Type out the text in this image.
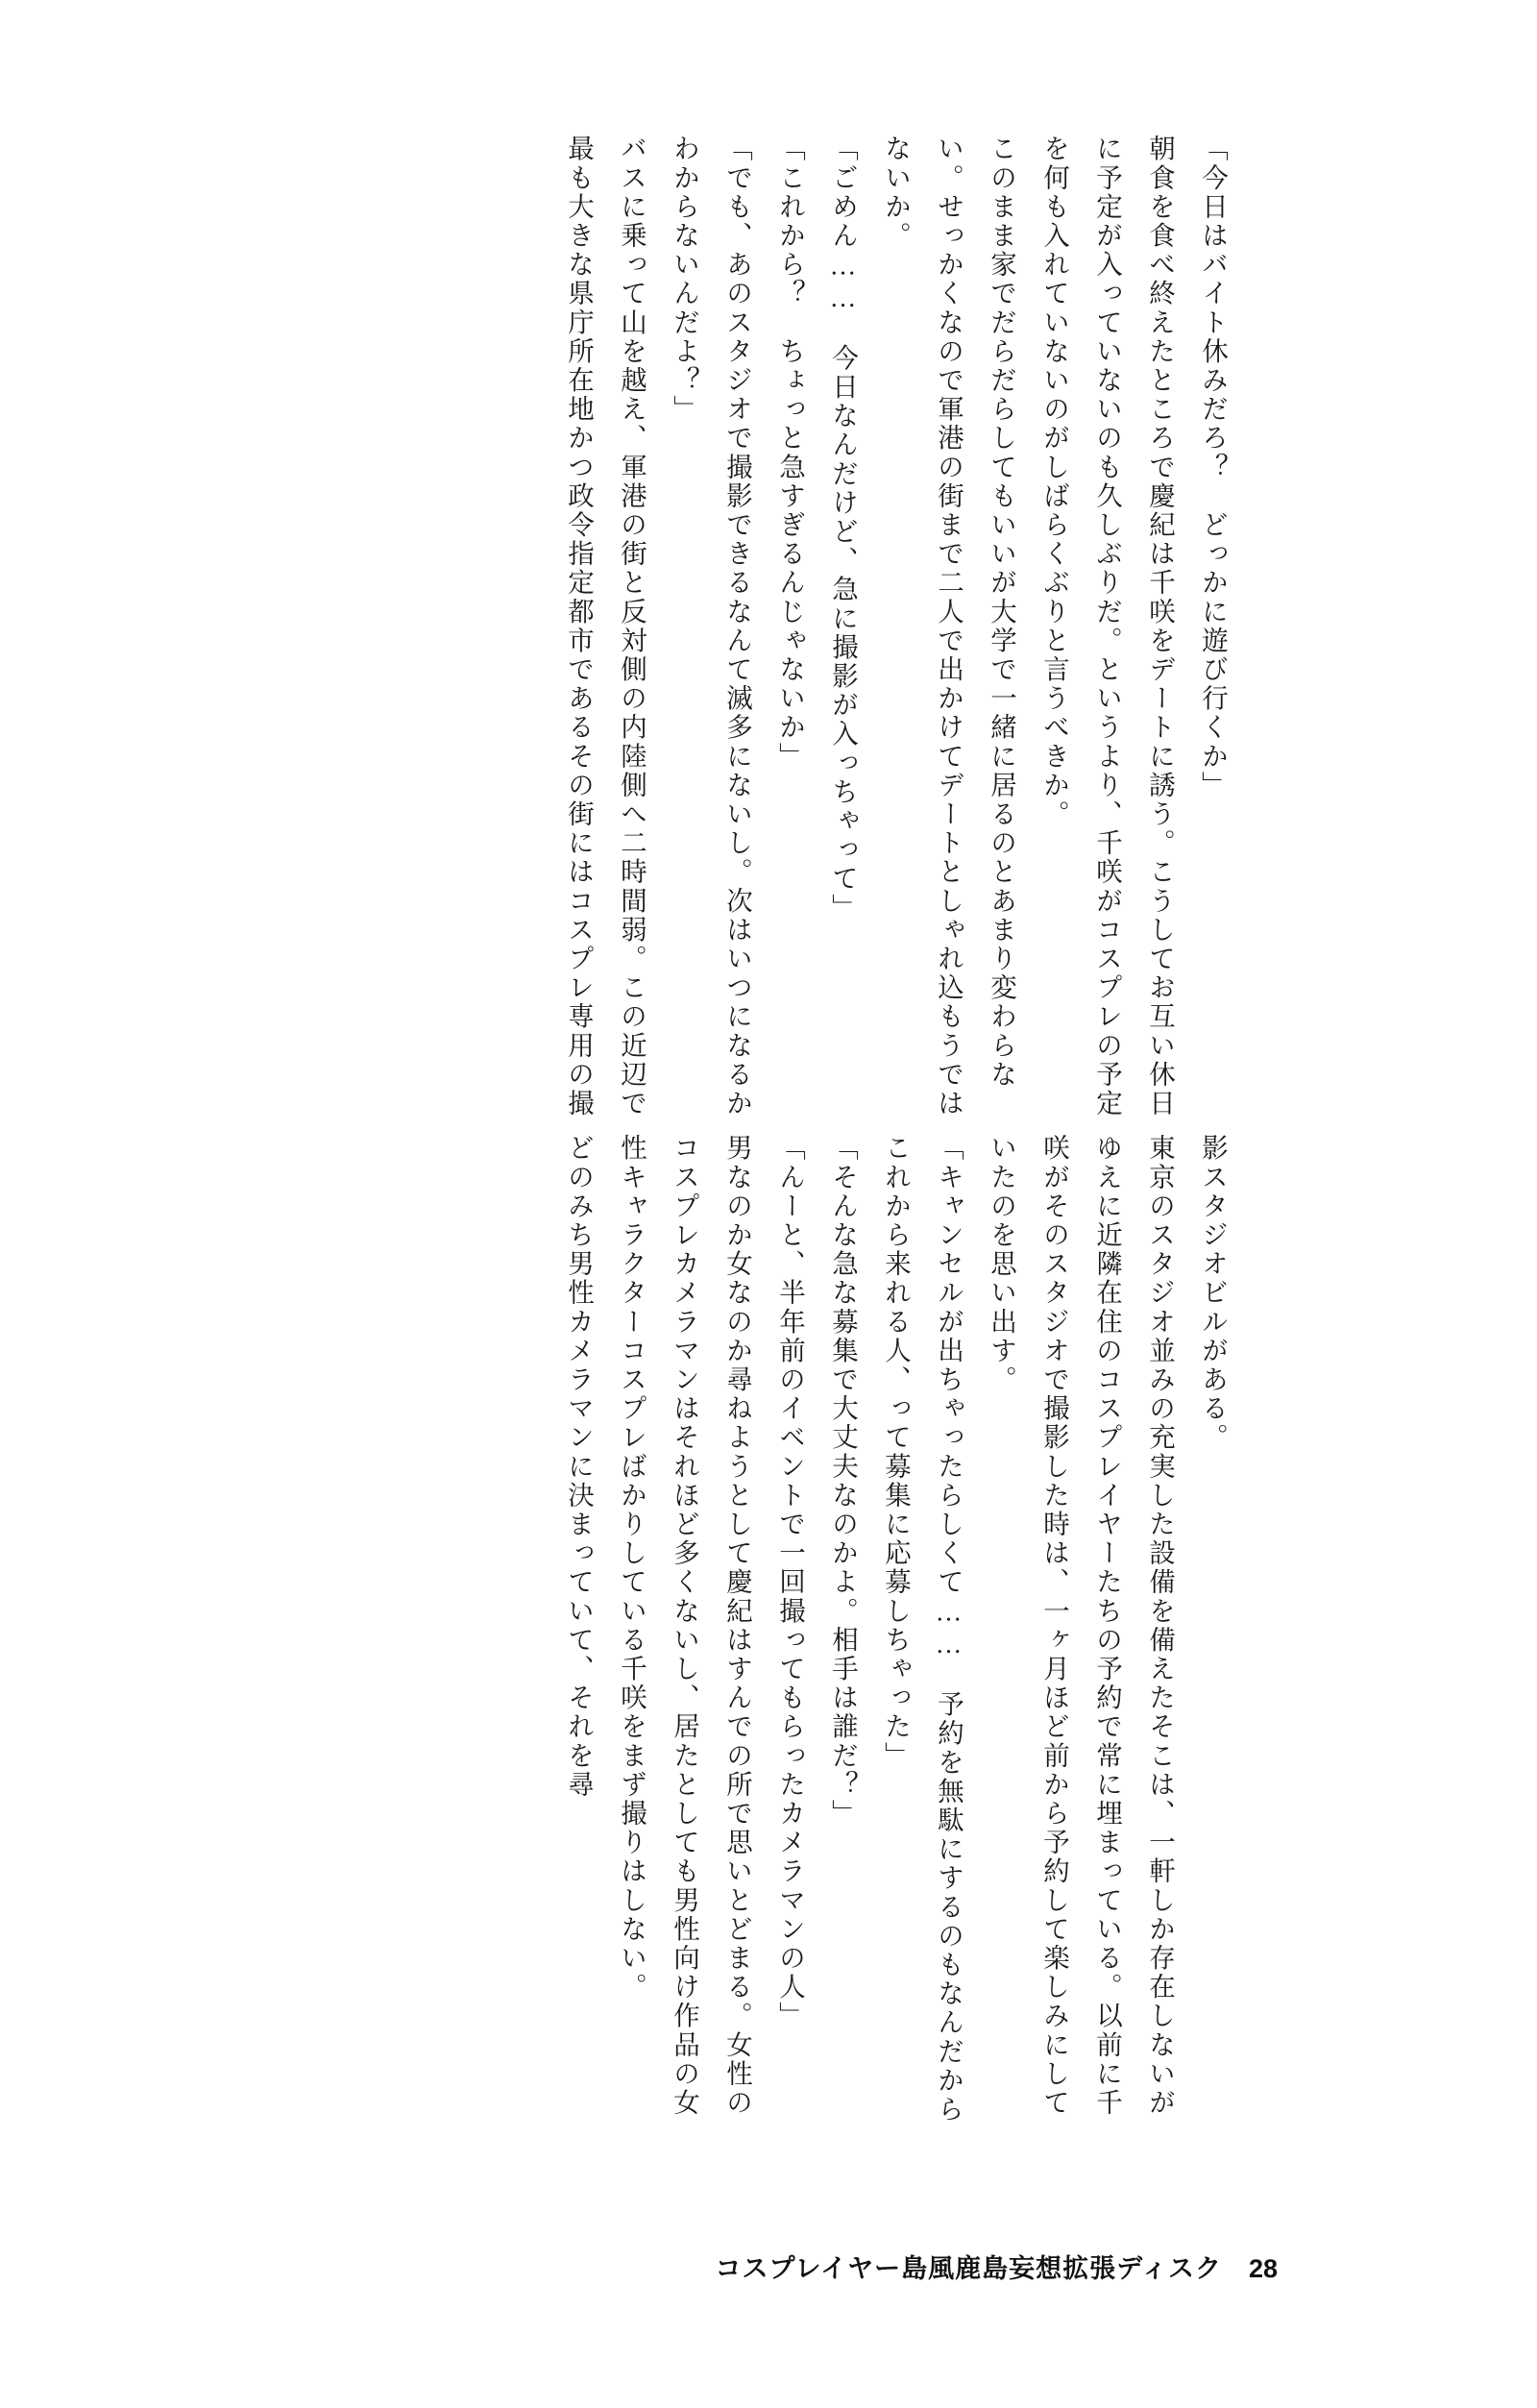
「今日はバイト休みだろ？　どっかに遊び行くか」

朝食を食べ終えたところで慶紀は千咲をデートに誘う。こうしてお互い休日に予定が入っていないのも久しぶりだ。というより、千咲がコスプレの予定を何も入れていないのがしばらくぶりと言うべきか。

このまま家でだらだらしてもいいが大学で一緒に居るのとあまり変わらない。せっかくなので軍港の街まで二人で出かけてデートとしゃれ込もうではないか。

「ごめん……　今日なんだけど、急に撮影が入っちゃって」

「これから？　ちょっと急すぎるんじゃないか」

「でも、あのスタジオで撮影できるなんて滅多にないし。次はいつになるかわからないんだよ？」

バスに乗って山を越え、軍港の街と反対側の内陸側へ二時間弱。この近辺で最も大きな県庁所在地かつ政令指定都市であるその街にはコスプレ専用の撮影スタジオビルがある。

東京のスタジオ並みの充実した設備を備えたそこは、一軒しか存在しないがゆえに近隣在住のコスプレイヤーたちの予約で常に埋まっている。以前に千咲がそのスタジオで撮影した時は、一ヶ月ほど前から予約して楽しみにしていたのを思い出す。

「キャンセルが出ちゃったらしくて……　予約を無駄にするのもなんだからこれから来れる人、って募集に応募しちゃった」

「そんな急な募集で大丈夫なのかよ。相手は誰だ？」

「んーと、半年前のイベントで一回撮ってもらったカメラマンの人」

男なのか女なのか尋ねようとして慶紀はすんでの所で思いとどまる。女性のコスプレカメラマンはそれほど多くないし、居たとしても男性向け作品の女性キャラクターコスプレばかりしている千咲をまず撮りはしない。

どのみち男性カメラマンに決まっていて、それを尋

コスプレイヤー島風鹿島妄想拡張ディスク 28
